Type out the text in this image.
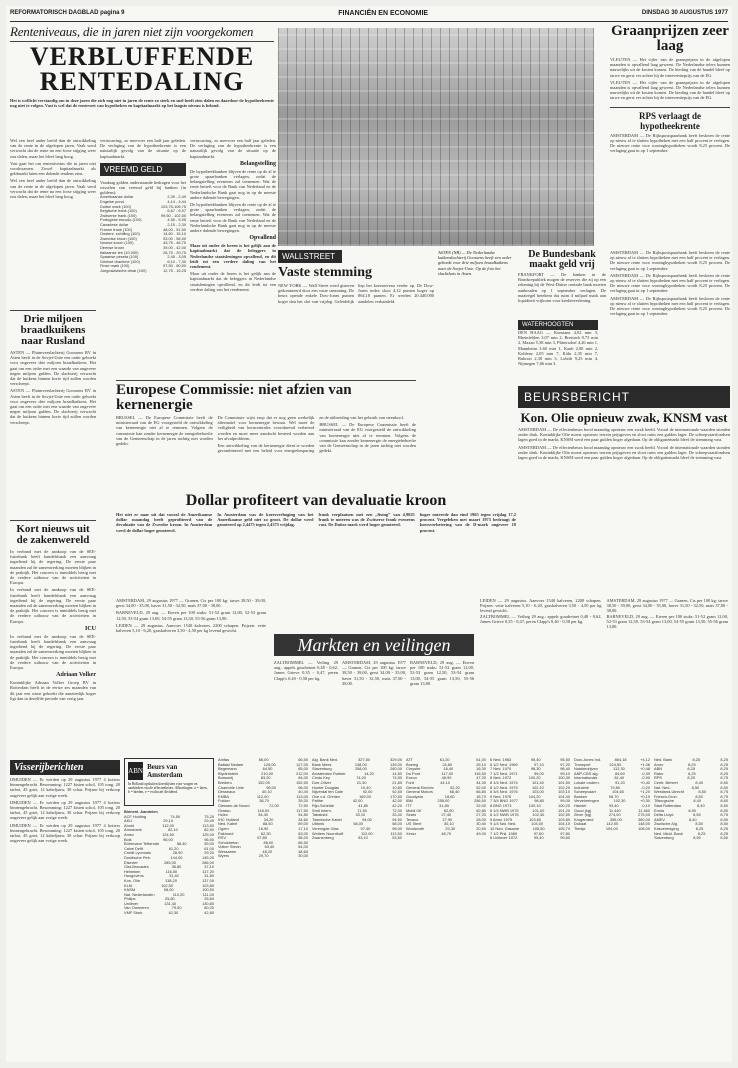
REFORMATORISCH DAGBLAD pagina 9	FINANCIËN EN ECONOMIE	DINSDAG 30 AUGUSTUS 1977
Renteniveaus, die in jaren niet zijn voorgekomen
VERBLUFFENDE
RENTEDALING
Het is wellicht verstandig om in deze jaren die zich nog niet in jaren de rente zo sterk en snel heeft zien dalen en daardoor de hypotheekrente nog niet te volgen. Vast is wel dat de rentevoet van hypotheken en kapitaalmarkt op het laagste niveau is beland.

Wel een heel ander beeld dan de ontwikkeling van de rente in de afgelopen jaren. Vaak werd verwacht dat de rente na een forse stijging weer zou dalen, maar het bleef lang hoog.

Vast gaat het om renteniveaus die in jaren niet voorkwamen. Zowel kapitaalmarkt als geldmarkt laten een dalende tendens zien.

Wel een heel ander beeld dan de ontwikkeling van de rente in de afgelopen jaren. Vaak werd verwacht dat de rente na een forse stijging weer zou dalen, maar het bleef lang hoog.

vertrouwing, zo meevoer een half jaar geleden. De verlaging van de hypotheekrente is een natuurlijk gevolg van de situatie op de kapitaalmarkt.
VREEMD GELD
Vandaag golden onderstaande bedragen voor het wisselen van vreemd geld bij banken (in guldens):
Amerikaanse dollar	2,39 - 2,49
Engelse pond	4,14 - 4,44
Duitse mark (100)	103,75-106,75
Belgische frank (100)	6,67 - 6,97
Zwitserse frank (100)	99,50 - 102,50
Portugese escudo (100)	4,55 - 5,95
Canadese dollar	2,15 - 2,30
Franse frank (100)	48,00 - 51,50
Oostenr. schilling (100)	14,60 - 15,10
Zweedse kroon (100)	53,00 - 56,50
Noorse kroon (100)	43,75 - 46,75
Deense kroon	39,00 - 42,00
Italiaanse lire (10.000)	26,75 - 29,75
Spaanse peseta (100)	2,45 - 3,05
Griekse drachme (100)	6,10 - 7,30
Finse mark (100)	57,50 - 60,50
Joegoslavische dinar (100)	12,75 - 15,25
vertrouwing, zo meevoer een half jaar geleden. De verlaging van de hypotheekrente is een natuurlijk gevolg van de situatie op de kapitaalmarkt.
Belangstelling
De hypotheekbanken blijven de rente op de al te grote spaarbanken verlagen, zodat de belangstelling eveneens zal toenemen. Wat de rente betreft voor de Bank van Nederland en de Nederlandsche Bank gaat nog in op de meeste andere dalende bewegingen.
De hypotheekbanken blijven de rente op de al te grote spaarbanken verlagen, zodat de belangstelling eveneens zal toenemen. Wat de rente betreft voor de Bank van Nederland en de Nederlandsche Bank gaat nog in op de meeste andere dalende bewegingen.
Opvallend
Maar uit onder de heren is het gelijk aan de kapitaalmarkt dat de beleggers in Nederlandse staatsleningen opvallend, en dit leidt tot een verdere daling van het rendement.
Maar uit onder de heren is het gelijk aan de kapitaalmarkt dat de beleggers in Nederlandse staatsleningen opvallend, en dit leidt tot een verdere daling van het rendement.
Drie miljoen braadkuikens naar Rusland
ASTEN — Pluimveeslachterij Goossens BV in Asten heeft in de Sovjet-Unie een order geboekt voor ongeveer drie miljoen braadkuikens. Het gaat om een order met een waarde van ongeveer negen miljoen gulden. De slachterij verwacht dat de kuikens binnen korte tijd zullen worden verscheept.
ASTEN — Pluimveeslachterij Goossens BV in Asten heeft in de Sovjet-Unie een order geboekt voor ongeveer drie miljoen braadkuikens. Het gaat om een order met een waarde van ongeveer negen miljoen gulden. De slachterij verwacht dat de kuikens binnen korte tijd zullen worden verscheept.
Kort nieuws uit de zakenwereld
In verband met de aankoop van de SEE-fusiebank heeft handelsbank een aanvraag ingediend bij de regering. De eerste paar maanden zal de samenwerking moeten blijken in de praktijk. Het concern is inmiddels bezig met de verdere uitbouw van de activiteiten in Europa.
In verband met de aankoop van de SEE-fusiebank heeft handelsbank een aanvraag ingediend bij de regering. De eerste paar maanden zal de samenwerking moeten blijken in de praktijk. Het concern is inmiddels bezig met de verdere uitbouw van de activiteiten in Europa.
ICU
In verband met de aankoop van de SEE-fusiebank heeft handelsbank een aanvraag ingediend bij de regering. De eerste paar maanden zal de samenwerking moeten blijken in de praktijk. Het concern is inmiddels bezig met de verdere uitbouw van de activiteiten in Europa.
Adriaan Volker
Koninklijke Adriaan Volker Groep BV in Rotterdam heeft in de eerste zes maanden van dit jaar een winst geboekt die aanzienlijk hoger ligt dan in dezelfde periode van vorig jaar.
Visserijberichten
IJMUIDEN — Er werden op 29 augustus 1977 4 kotters binnengebracht. Besomming: 1227 kisten schol, 105 tong, 20 tarbot, 45 griet, 12 kabeljauw, 30 schar. Prijzen bij verkoop ongeveer gelijk aan vorige week.
IJMUIDEN — Er werden op 29 augustus 1977 4 kotters binnengebracht. Besomming: 1227 kisten schol, 105 tong, 20 tarbot, 45 griet, 12 kabeljauw, 30 schar. Prijzen bij verkoop ongeveer gelijk aan vorige week.
IJMUIDEN — Er werden op 29 augustus 1977 4 kotters binnengebracht. Besomming: 1227 kisten schol, 105 tong, 20 tarbot, 45 griet, 12 kabeljauw, 30 schar. Prijzen bij verkoop ongeveer gelijk aan vorige week.
WALLSTREET
Vaste stemming
NEW YORK — Wall Street werd gisteren gedomineerd door een vaste stemming. De beurs opende enkele Dow-Jones punten hoger dan het slot van vrijdag. Geleidelijk liep het koersniveau verder op. De Dow-Jones index sloot 4,12 punten hoger op 864,18 punten. Er werden 20.440.000 aandelen verhandeld.
ASTEN (NB) — De Nederlandse kuikenslachterij Goossens heeft een order geboekt voor drie miljoen braadkuikens naar de Sovjet-Unie. Op de foto het slachthuis in Asten.
WATERHOOGTEN
DEN HAAG — Konstanz 4,02 min 3, Rheinfelden 3,07 min 2, Breisach 0,73 min 2, Maxau 5,38 min 3, Plittersdorf 4,26 min 1, Mannheim 3,60 min 1, Kaub 2,00 min 2, Koblenz 2,05 min 7, Köln 2,35 min 7, Ruhrort 2,38 min 3, Lobith 9,25 min 4, Nijmegen 7,66 min 3.
De Bundesbank maakt geld vrij
FRANKFORT — De banken in de Bondsrepubliek mogen de reserves die zij op een rekening bij de West-Duitse centrale bank moeten aanhouden op 1 september verlagen. De maatregel betekent dat ruim 4 miljard mark aan liquiditeit vrijkomt voor kredietverlening.
Graanprijzen zeer laag
VLEUTEN — Het cijfer van de graanprijzen in de afgelopen maanden is opvallend laag geweest. De Nederlandse telers kunnen nauwelijks uit de kosten komen. De bieding van de handel bleef op tarwe en gerst ver achter bij de interventieprijs van de EG.
VLEUTEN — Het cijfer van de graanprijzen in de afgelopen maanden is opvallend laag geweest. De Nederlandse telers kunnen nauwelijks uit de kosten komen. De bieding van de handel bleef op tarwe en gerst ver achter bij de interventieprijs van de EG.
RPS verlaagt de hypotheekrente
AMSTERDAM — De Rijkspostspaarbank heeft besloten de rente op nieuw af te sluiten hypotheken met een half procent te verlagen. De nieuwe rente voor woninghypotheken wordt 8,25 procent. De verlaging gaat in op 1 september.
AMSTERDAM — De Rijkspostspaarbank heeft besloten de rente op nieuw af te sluiten hypotheken met een half procent te verlagen. De nieuwe rente voor woninghypotheken wordt 8,25 procent. De verlaging gaat in op 1 september.
AMSTERDAM — De Rijkspostspaarbank heeft besloten de rente op nieuw af te sluiten hypotheken met een half procent te verlagen. De nieuwe rente voor woninghypotheken wordt 8,25 procent. De verlaging gaat in op 1 september.
AMSTERDAM — De Rijkspostspaarbank heeft besloten de rente op nieuw af te sluiten hypotheken met een half procent te verlagen. De nieuwe rente voor woninghypotheken wordt 8,25 procent. De verlaging gaat in op 1 september.
Europese Commissie: niet afzien van kernenergie

BRUSSEL — De Europese Commissie heeft de ministerraad van de EG voorgesteld de ontwikkeling van kernenergie niet af te remmen. Volgens de commissie kan zonder kernenergie de energiebehoefte van de Gemeenschap in de jaren tachtig niet worden gedekt.

De Commissie wijst erop dat er nog geen werkelijk alternatief voor kernenergie bestaat. Wel moet de veiligheid van kerncentrales voortdurend verbeterd worden en moet meer aandacht besteed worden aan het afvalprobleem.

Een ontwikkeling van de kernenergie dient te worden gecombineerd met een beleid voor energiebesparing en de uitbreiding van het gebruik van steenkool.

BRUSSEL — De Europese Commissie heeft de ministerraad van de EG voorgesteld de ontwikkeling van kernenergie niet af te remmen. Volgens de commissie kan zonder kernenergie de energiebehoefte van de Gemeenschap in de jaren tachtig niet worden gedekt.

BEURSBERICHT
Kon. Olie opnieuw zwak, KNSM vast
AMSTERDAM — De effectenbeurs bood maandag opnieuw een zwak beeld. Vooral de internationale waarden stonden onder druk. Koninklijke Olie moest opnieuw terrein prijsgeven en sloot ruim een gulden lager. De scheepvaartfondsen lagen goed in de markt, KNSM werd een paar gulden hoger afgedaan. Op de obligatiemarkt bleef de stemming vast.
AMSTERDAM — De effectenbeurs bood maandag opnieuw een zwak beeld. Vooral de internationale waarden stonden onder druk. Koninklijke Olie moest opnieuw terrein prijsgeven en sloot ruim een gulden lager. De scheepvaartfondsen lagen goed in de markt, KNSM werd een paar gulden hoger afgedaan. Op de obligatiemarkt bleef de stemming vast.
Dollar profiteert van devaluatie kroon

Het niet er naar uit dat vooral de Amerikaanse dollar maandag heeft geprofiteerd van de devaluatie van de Zweedse kroon. In Amsterdam werd de dollar hoger genoteerd.

In Amsterdam was de koersverhoging van het Amerikaanse geld niet zo groot. De dollar werd genoteerd op 2,4475 tegen 2,4375 vrijdag.

frank verplaatsen met een „fixing” van 4,9025 frank te noteren was de Zwitserse frank eveneens vast. De Duitse mark werd hoger genoteerd.

hoger noteerde dan eind 1965 tegen vrijdag 17,2 procent. Vergeleken met maart 1973 bedraagt de koersverbetering van de D-mark ongeveer 18 procent.

AMSTERDAM, 29 augustus 1977 — Granen, Cts per 100 kg: tarwe 38,50 - 39,00, gerst 34,00 - 35,00, haver 31,50 - 32,50, maïs 37,00 - 38,00.
BARNEVELD, 29 aug. — Eieren per 100 stuks: 51-52 gram 12,00, 52-53 gram 12,50, 53-54 gram 13,00, 54-55 gram 13,50, 55-56 gram 13,80.
LEIDEN — 29 augustus. Aanvoer 1540 kalveren, 2200 schapen. Prijzen: vette kalveren 5,10 - 6,20, graskalveren 3,50 - 4,50 per kg levend gewicht.
Markten en veilingen
ZALTBOMMEL — Veiling 29 aug.: appels goudreinet 0,48 - 0,62, James Grieve 0,35 - 0,47, peren Clapp's 0,40 - 0,58 per kg.
AMSTERDAM, 29 augustus 1977 — Granen, Cts per 100 kg: tarwe 38,50 - 39,00, gerst 34,00 - 35,00, haver 31,50 - 32,50, maïs 37,00 - 38,00.
BARNEVELD, 29 aug. — Eieren per 100 stuks: 51-52 gram 12,00, 52-53 gram 12,50, 53-54 gram 13,00, 54-55 gram 13,50, 55-56 gram 13,80.
LEIDEN — 29 augustus. Aanvoer 1540 kalveren, 2200 schapen. Prijzen: vette kalveren 5,10 - 6,20, graskalveren 3,50 - 4,50 per kg levend gewicht.
ZALTBOMMEL — Veiling 29 aug.: appels goudreinet 0,48 - 0,62, James Grieve 0,35 - 0,47, peren Clapp's 0,40 - 0,58 per kg.
AMSTERDAM, 29 augustus 1977 — Granen, Cts per 100 kg: tarwe 38,50 - 39,00, gerst 34,00 - 35,00, haver 31,50 - 32,50, maïs 37,00 - 38,00.
BARNEVELD, 29 aug. — Eieren per 100 stuks: 51-52 gram 12,00, 52-53 gram 12,50, 53-54 gram 13,00, 54-55 gram 13,50, 55-56 gram 13,80.
ABN Beurs van Amsterdam
In Holland opsluiten koerslijsten voor vragen en aanbieders via de effectenbeurs. Afkortingen: a = laten, b = bieden, e = exclusief dividend.
Binnenl. Aandelen
ACF Holding	74,50	75,20
AKU	29,10	29,40
Ahold	112,00	113,50
Amrobank	82,10	82,90
Amev	124,50	125,00
Bols	96,00	96,50
Bührmann Tetterode	58,40	59,00
Calvé Delft	61,20	61,00
Credit Lyonnais	28,90	29,20
Dordtsche Petr.	144,00	145,20
Elsevier	285,00	286,00
Gist-Brocades	36,80	37,10
Heineken	116,50	117,20
Hoogovens	31,40	31,80
Kon. Olie	138,20	137,00
KLM	102,50	103,80
KNSM	98,00	100,50
Nat. Nederlanden	110,20	111,00
Philips	25,80	25,60
Unilever	131,40	130,80
Van Ommeren	79,50	80,20
VMF Stork	42,30	42,80
Amfas	66,00	66,50
Ballast Nedam	126,00	127,00
Begemann	64,50	65,00
Blydenstein	210,00	212,00
Borsumij	83,20	84,00
Bredero	152,00	152,50
Chamotte Unie	96,00	96,00
Desseaux	40,10	40,40
EMBA	112,00	113,00
Fokker	38,70	39,20
Giessen-de Noord	72,00	72,50
Grasso	118,00	117,50
Holec	54,40	54,80
IHC Holland	34,20	34,60
Ned. Kabel	88,50	89,00
Ogem	16,90	17,10
Pakhoed	62,30	63,00
RSV	57,80	58,20
Schokbeton	86,00	86,50
Volker Stevin	63,40	64,00
Wessanen	48,20	48,60
Wyers	29,70	30,00
Alg. Bank Ned.	327,50	329,00
Bank Mees	138,00	139,00
Slavenburg	258,00	260,00
Amsterdam Rubber	14,20	14,50
Cindu Key	74,00	74,50
Dorr-Oliver	21,30	21,80
Hunter Douglas	10,40	10,60
Nijverdal ten Cate	92,00	92,50
Oce v.d. Grinten	169,00	170,50
Palthe	42,00	42,00
Rijn-Schelde	41,80	42,20
Smit Intern.	71,50	72,00
Tabaksbl.	33,10	33,40
Twentsche Kabel	94,00	94,50
Ubbink	58,00	58,00
Verenigde Glas	97,40	98,00
Wolters Noordhoff	112,00	113,50
Zwanenberg	53,10	53,50
ATT	61,20	61,00
Boeing	24,80	25,10
Chrysler	16,40	16,30
Du Pont	117,00	116,50
Exxon	46,90	47,20
Ford	44,10	44,30
General Electric	52,20	52,00
General Motors	66,40	66,80
Goodyear	18,60	18,70
IBM	255,00	256,50
ITT	31,80	32,00
Mobil Oil	62,50	62,80
Sears	27,40	27,20
Texaco	27,90	28,00
US Steel	30,10	30,40
Woolworth	20,30	20,50
Xerox	48,70	49,00
6 Ned. 1963	95,40	95,50
6 1/2 Ned. 1969	97,10	97,20
7 Ned. 1970	98,30	98,40
7 1/2 Ned. 1971	99,00	99,10
8 Ned. 1972	100,20	100,30
8 1/4 Ned. 1974	101,40	101,50
8 1/2 Ned. 1975	102,10	102,20
8 3/4 Ned. 1976	103,00	103,10
9 Ned. 1976	104,20	104,40
7 3/4 BNG 1977	98,80	99,00
8 BNG 1973	100,10	100,20
8 1/4 NWB 1975	101,00	101,20
8 1/2 NWB 1976	102,40	102,50
9 Amro 1975	103,60	103,80
9 1/4 Nat. Ned.	104,00	104,10
10 Ned. Gasunie	105,50	105,70
7 1/2 Phil. 1969	97,60	97,80
8 Unilever 1972	99,40	99,60
Dow-Jones Ind.	864,18	+4,12
Transport	224,50	+1,06
Nutsbedrijven	112,30	+0,48
ANP-CBS alg.	84,60	-0,30
Internationals	81,40	-0,90
Lokale ondern.	91,20	+0,40
Industrie	79,80	-0,20
Scheepvaart	104,60	+1,20
Banken	98,70	+0,10
Verzekeringen	102,30	+0,30
Handel	93,40	-0,10
Goud (kg)	11.440	11.460
Zilver (kg)	274,00	275,00
Krugerrand	355,00	360,00
Dukaat	142,00	148,00
Tientje	104,00	108,00
Ned. Bank	8,25	8,25
Amro	8,25	8,25
ABN	8,25	8,25
Rabo	8,25	8,25
RPS	8,25	8,75
Centr. Beheer	8,40	8,50
Nat. Ned.	8,50	8,50
Westland-Utrecht	8,50	8,75
Friesch-Gron.	8,50	8,75
Tilburgsche	8,40	8,60
Stad Rotterdam	8,40	8,50
Ennia	8,50	8,50
Delta Lloyd	8,50	8,75
AMEV	8,40	8,50
Zwolsche Alg.	8,50	8,50
Kasvereniging	8,25	8,25
Ned. Midd. Bank	8,25	8,25
Slavenburg	8,50	8,50
